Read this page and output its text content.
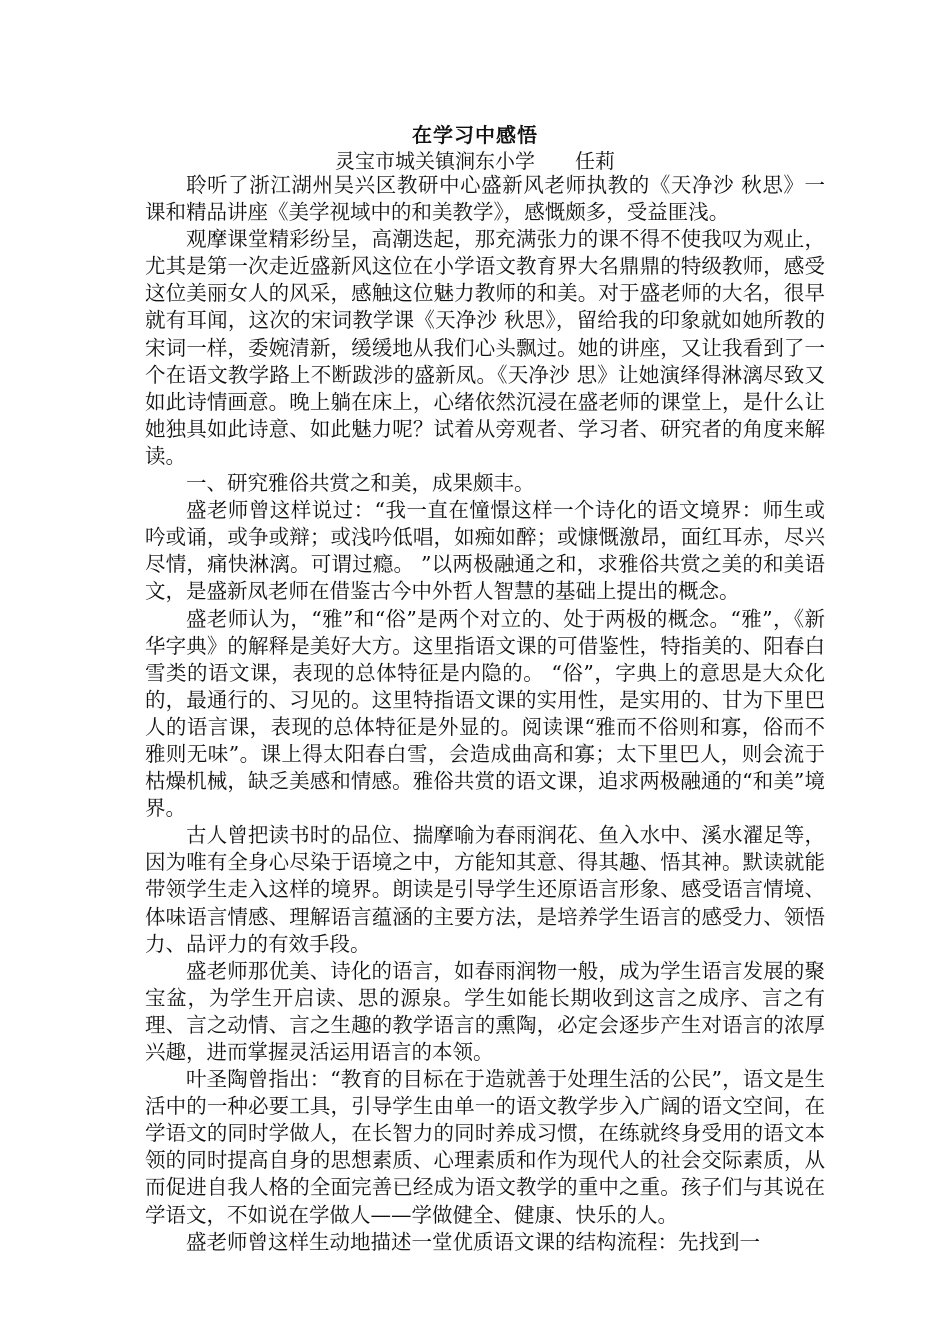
在学习中感悟

灵宝市城关镇涧东小学 任莉

聆听了浙江湖州吴兴区教研中心盛新风老师执教的《天净沙 秋思》一课和精品讲座《美学视域中的和美教学》，感慨颇多，受益匪浅。

观摩课堂精彩纷呈，高潮迭起，那充满张力的课不得不使我叹为观止，尤其是第一次走近盛新风这位在小学语文教育界大名鼎鼎的特级教师，感受这位美丽女人的风采，感触这位魅力教师的和美。对于盛老师的大名，很早就有耳闻，这次的宋词教学课《天净沙 秋思》，留给我的印象就如她所教的宋词一样，委婉清新，缓缓地从我们心头飘过。她的讲座，又让我看到了一个在语文教学路上不断跋涉的盛新凤。《天净沙 思》让她演绎得淋漓尽致又如此诗情画意。晚上躺在床上，心绪依然沉浸在盛老师的课堂上，是什么让她独具如此诗意、如此魅力呢？试着从旁观者、学习者、研究者的角度来解读。

一、研究雅俗共赏之和美，成果颇丰。

盛老师曾这样说过：“我一直在憧憬这样一个诗化的语文境界：师生或吟或诵，或争或辩；或浅吟低唱，如痴如醉；或慷慨激昂，面红耳赤，尽兴尽情，痛快淋漓。可谓过瘾。 ”以两极融通之和，求雅俗共赏之美的和美语文，是盛新凤老师在借鉴古今中外哲人智慧的基础上提出的概念。

盛老师认为，“雅”和“俗”是两个对立的、处于两极的概念。“雅”，《新华字典》的解释是美好大方。这里指语文课的可借鉴性，特指美的、阳春白雪类的语文课，表现的总体特征是内隐的。 “俗”，字典上的意思是大众化的，最通行的、习见的。这里特指语文课的实用性，是实用的、甘为下里巴人的语言课，表现的总体特征是外显的。阅读课“雅而不俗则和寡，俗而不雅则无味”。课上得太阳春白雪，会造成曲高和寡；太下里巴人，则会流于枯燥机械，缺乏美感和情感。雅俗共赏的语文课，追求两极融通的“和美”境界。

古人曾把读书时的品位、揣摩喻为春雨润花、鱼入水中、溪水濯足等，因为唯有全身心尽染于语境之中，方能知其意、得其趣、悟其神。默读就能带领学生走入这样的境界。朗读是引导学生还原语言形象、感受语言情境、体味语言情感、理解语言蕴涵的主要方法，是培养学生语言的感受力、领悟力、品评力的有效手段。

盛老师那优美、诗化的语言，如春雨润物一般，成为学生语言发展的聚宝盆，为学生开启读、思的源泉。学生如能长期收到这言之成序、言之有理、言之动情、言之生趣的教学语言的熏陶，必定会逐步产生对语言的浓厚兴趣，进而掌握灵活运用语言的本领。

叶圣陶曾指出：“教育的目标在于造就善于处理生活的公民”，语文是生活中的一种必要工具，引导学生由单一的语文教学步入广阔的语文空间，在学语文的同时学做人，在长智力的同时养成习惯，在练就终身受用的语文本领的同时提高自身的思想素质、心理素质和作为现代人的社会交际素质，从而促进自我人格的全面完善已经成为语文教学的重中之重。孩子们与其说在学语文，不如说在学做人——学做健全、健康、快乐的人。

盛老师曾这样生动地描述一堂优质语文课的结构流程：先找到一
